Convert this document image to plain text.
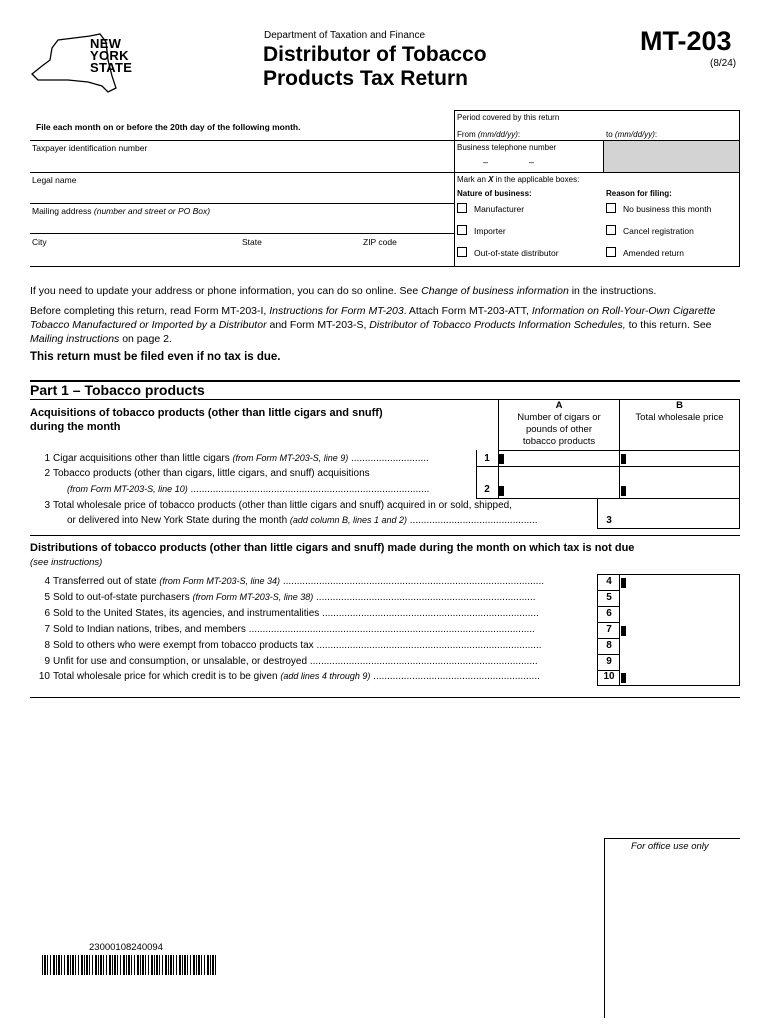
NEW
YORK
STATE
Department of Taxation and Finance
Distributor of Tobacco
Products Tax Return
MT-203
(8/24)
File each month on or before the 20th day of the following month.
Taxpayer identification number
Legal name
Mailing address (number and street or PO Box)
City	State	ZIP code
Period covered by this return
From (mm/dd/yy):	to (mm/dd/yy):
Business telephone number
–	–
Mark an X in the applicable boxes:
Nature of business:	Reason for filing:
Manufacturer
Importer
Out-of-state distributor
No business this month
Cancel registration
Amended return
If you need to update your address or phone information, you can do so online. See Change of business information in the instructions.
Before completing this return, read Form MT-203-I, Instructions for Form MT-203. Attach Form MT-203-ATT, Information on Roll-Your-Own Cigarette Tobacco Manufactured or Imported by a Distributor and Form MT-203-S, Distributor of Tobacco Products Information Schedules, to this return. See Mailing instructions on page 2.
This return must be filed even if no tax is due.
Part 1 – Tobacco products
Acquisitions of tobacco products (other than little cigars and snuff)
during the month
A
Number of cigars or pounds of other tobacco products
B
Total wholesale price
1 Cigar acquisitions other than little cigars (from Form MT-203-S, line 9) ............................	1
2 Tobacco products (other than cigars, little cigars, and snuff) acquisitions
(from Form MT-203-S, line 10) ......................................................................................	2
3 Total wholesale price of tobacco products (other than little cigars and snuff) acquired in or sold, shipped,
or delivered into New York State during the month (add column B, lines 1 and 2) ..............................................	3
Distributions of tobacco products (other than little cigars and snuff) made during the month on which tax is not due
(see instructions)
4 Transferred out of state (from Form MT-203-S, line 34) ..............................................................................................	4
5 Sold to out-of-state purchasers (from Form MT-203-S, line 38) ...............................................................................	5
6 Sold to the United States, its agencies, and instrumentalities ..............................................................................	6
7 Sold to Indian nations, tribes, and members .......................................................................................................	7
8 Sold to others who were exempt from tobacco products tax .................................................................................	8
9 Unfit for use and consumption, or unsalable, or destroyed ..................................................................................	9
10 Total wholesale price for which credit is to be given (add lines 4 through 9) ............................................................	10
For office use only
23000108240094
